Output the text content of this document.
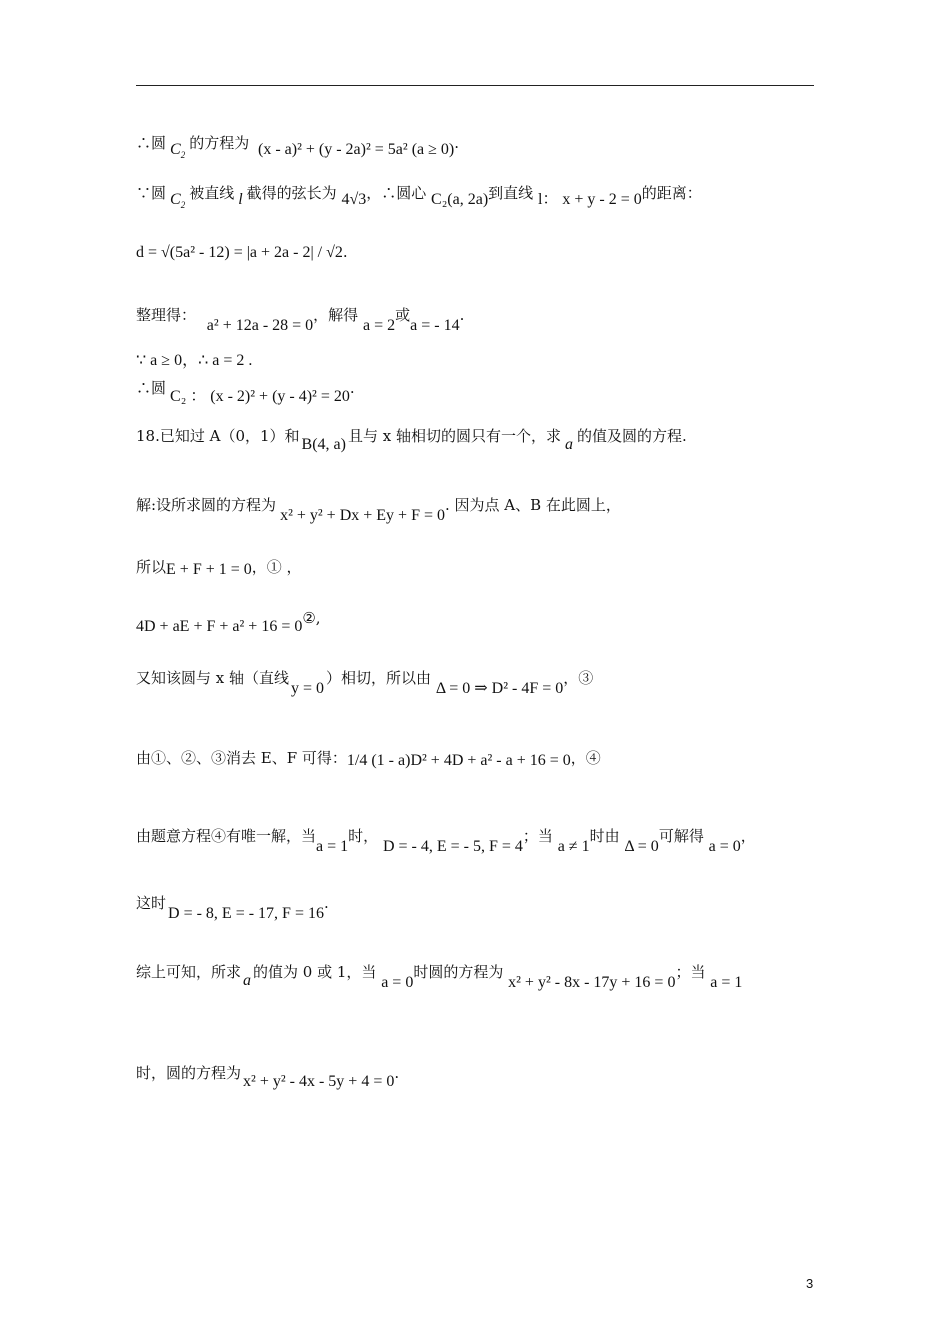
∴圆 $C_2$的方程为 (x - a)² + (y - 2a)² = 5a² (a ≥ 0).
∵圆 $C_2$被直线 l 截得的弦长为 4√3，∴圆心 C₂(a, 2a)到直线 l： x + y - 2 = 0的距离：
d = √(5a² - 12) = |a + 2a - 2| / √2.
整理得： a² + 12a - 28 = 0，解得 a = 2或a = - 14.
∵ a ≥ 0，∴ a = 2 .
∴圆 C₂ ： (x - 2)² + (y - 4)² = 20.
18.已知过 A（0，1）和 B(4, a) 且与 x 轴相切的圆只有一个，求 a 的值及圆的方程.
解:设所求圆的方程为x² + y² + Dx + Ey + F = 0. 因为点 A、B 在此圆上，
所以E + F + 1 = 0，① ，
4D + aE + F + a² + 16 = 0②,
又知该圆与 x 轴（直线y = 0）相切，所以由 Δ = 0 ⇒ D² - 4F = 0，③
由①、②、③消去 E、F 可得：1/4 (1 - a)D² + 4D + a² - a + 16 = 0，④
由题意方程④有唯一解，当a = 1时， D = - 4, E = - 5, F = 4；当 a ≠ 1时由 Δ = 0可解得 a = 0，
这时D = - 8, E = - 17, F = 16.
综上可知，所求 a 的值为 0 或 1，当 a = 0时圆的方程为 x² + y² - 8x - 17y + 16 = 0；当 a = 1
时，圆的方程为 x² + y² - 4x - 5y + 4 = 0.
3
